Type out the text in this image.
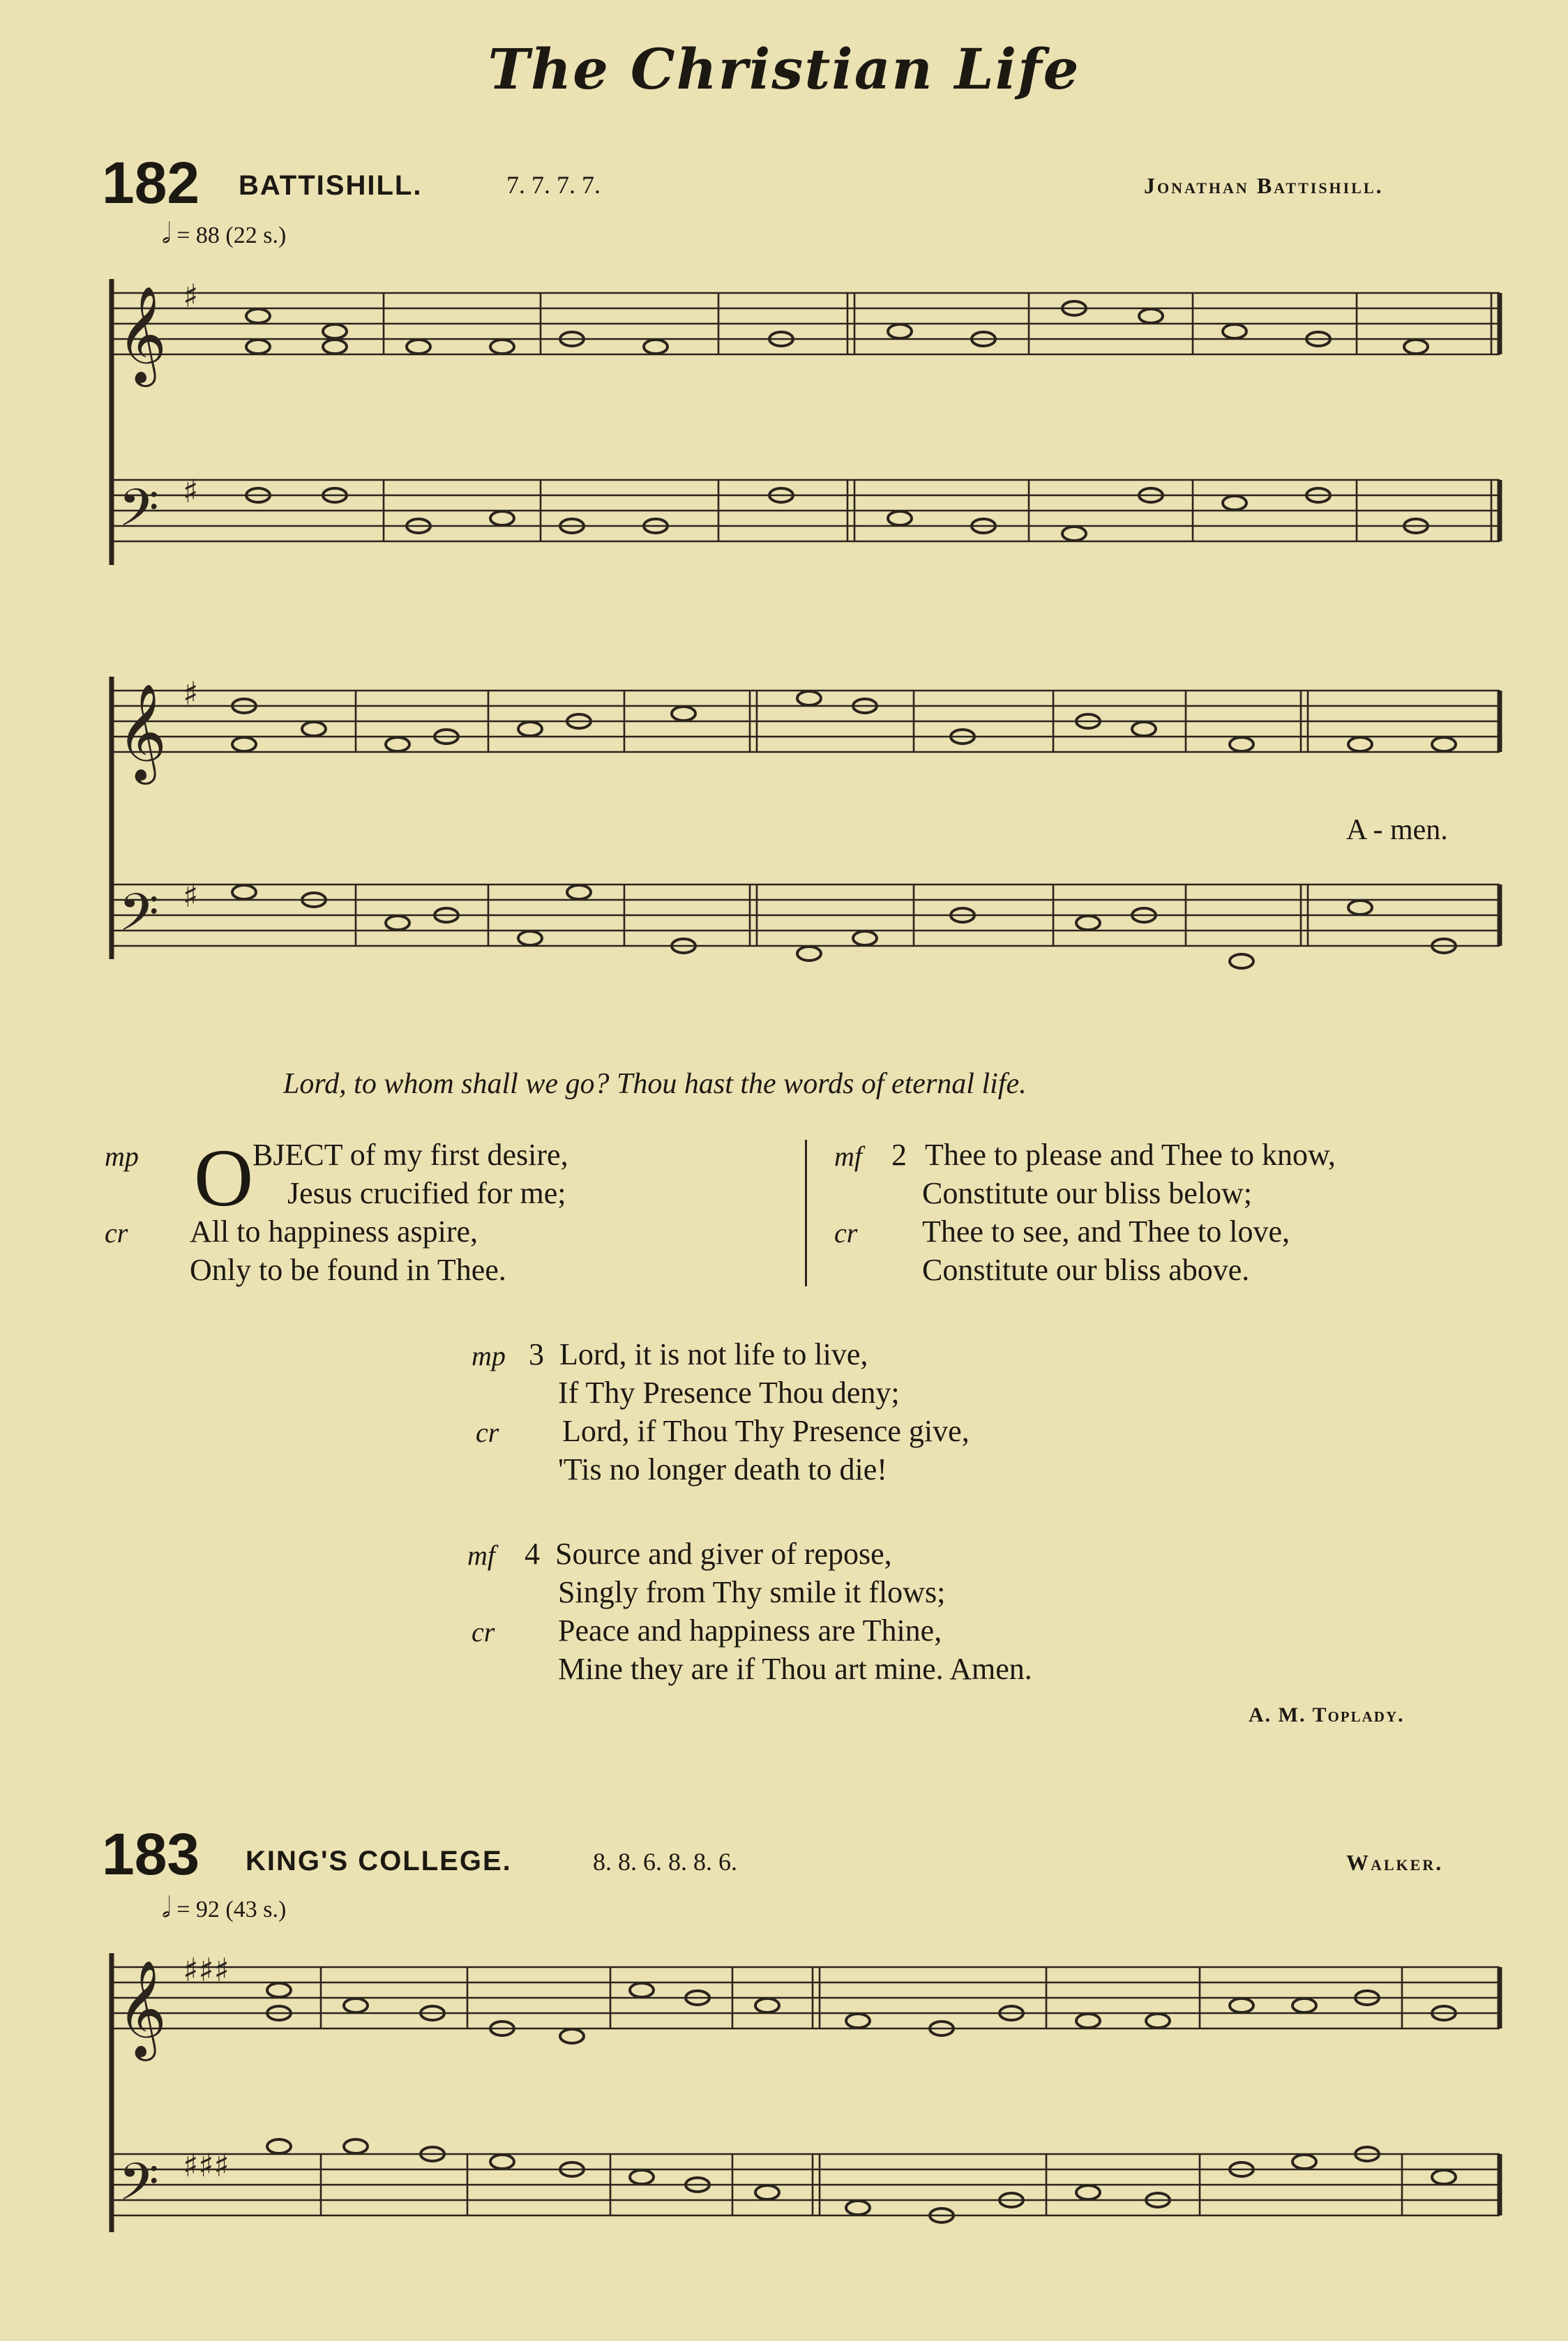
The Christian Life
182 BATTISHILL.	7. 7. 7. 7.	Jonathan Battishill.
𝅗𝅥 = 88 (22 s.)
𝄞
𝄢
♯
♯
𝄞
𝄢
♯
♯
𝄞
𝄢
♯♯♯
♯♯♯
A - men.
Lord, to whom shall we go? Thou hast the words of eternal life.
mp O
BJECT of my first desire,
Jesus crucified for me;
cr All to happiness aspire,
Only to be found in Thee.
mf 2 Thee to please and Thee to know,
Constitute our bliss below;
cr Thee to see, and Thee to love,
Constitute our bliss above.
mp 3 Lord, it is not life to live,
If Thy Presence Thou deny;
cr Lord, if Thou Thy Presence give,
'Tis no longer death to die!
mf 4 Source and giver of repose,
Singly from Thy smile it flows;
cr Peace and happiness are Thine,
Mine they are if Thou art mine. Amen.
A. M. Toplady.
183 KING'S COLLEGE.	8. 8. 6. 8. 8. 6.	Walker.
𝅗𝅥 = 92 (43 s.)
